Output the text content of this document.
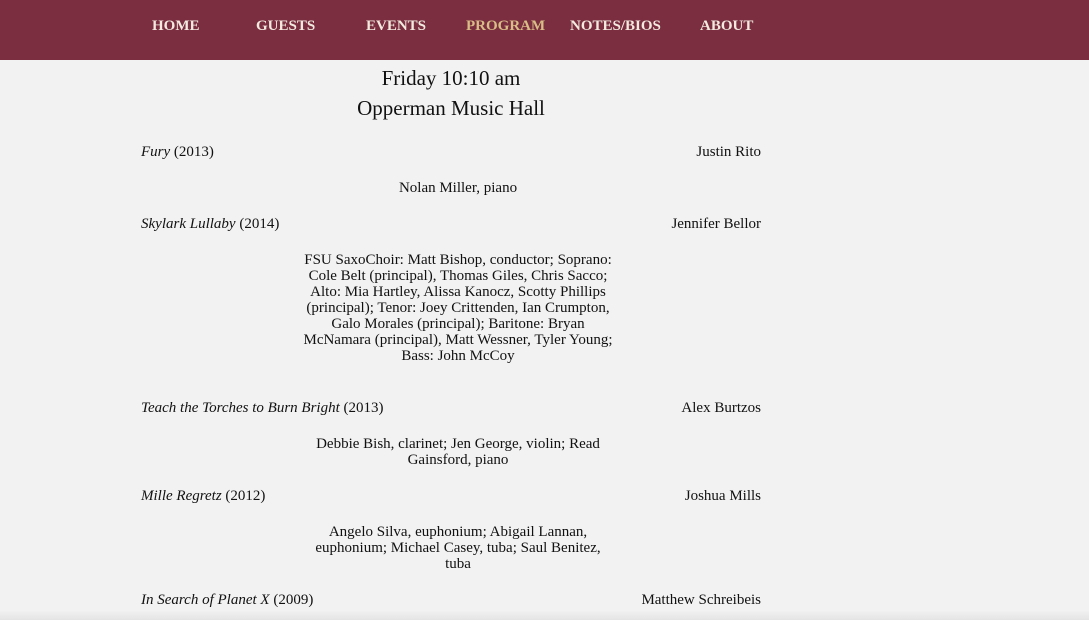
HOME	GUESTS	EVENTS	PROGRAM NOTES/BIOS	ABOUT
Friday 10:10 am
Opperman Music Hall
Fury (2013)	Justin Rito
Nolan Miller, piano
Skylark Lullaby (2014)	Jennifer Bellor
FSU SaxoChoir: Matt Bishop, conductor; Soprano: Cole Belt (principal), Thomas Giles, Chris Sacco; Alto: Mia Hartley, Alissa Kanocz, Scotty Phillips (principal); Tenor: Joey Crittenden, Ian Crumpton, Galo Morales (principal); Baritone: Bryan McNamara (principal), Matt Wessner, Tyler Young; Bass: John McCoy
Teach the Torches to Burn Bright (2013)	Alex Burtzos
Debbie Bish, clarinet; Jen George, violin; Read Gainsford, piano
Mille Regretz (2012)	Joshua Mills
Angelo Silva, euphonium; Abigail Lannan, euphonium; Michael Casey, tuba; Saul Benitez, tuba
In Search of Planet X (2009)	Matthew Schreibeis
